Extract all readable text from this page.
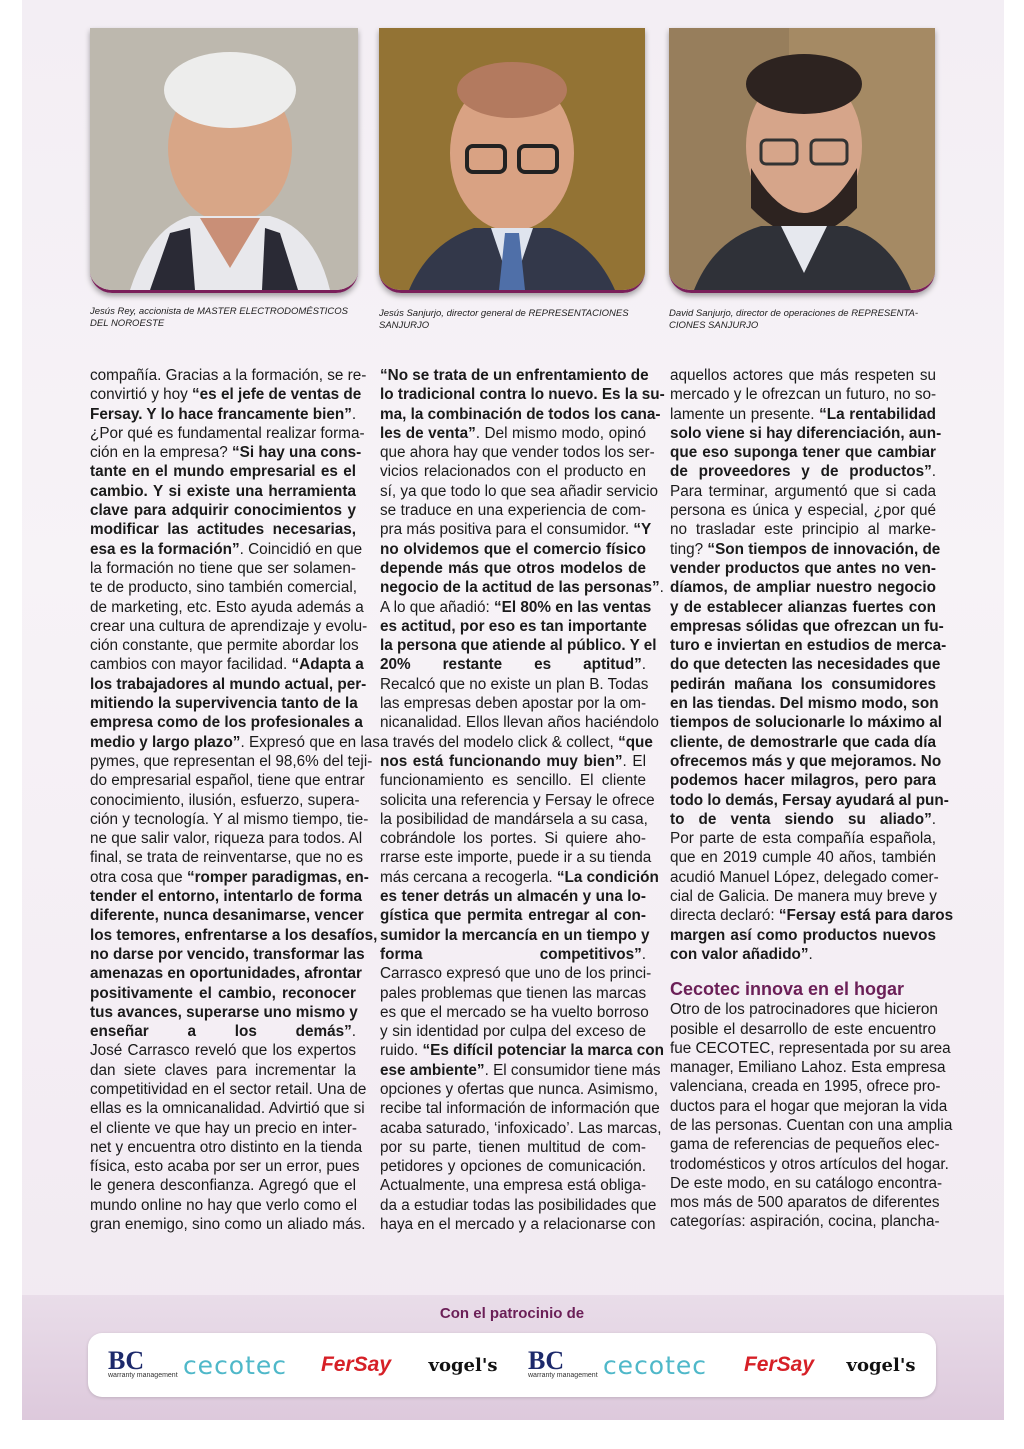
Jesús Rey, accionista de MASTER ELECTRODOMÉSTICOS
DEL NOROESTE
Jesús Sanjurjo, director general de REPRESENTACIONES
SANJURJO
David Sanjurjo, director de operaciones de REPRESENTA-
CIONES SANJURJO
compañía. Gracias a la formación, se re-
convirtió y hoy “es el jefe de ventas de
Fersay. Y lo hace francamente bien”.
¿Por qué es fundamental realizar forma-
ción en la empresa? “Si hay una cons-
tante en el mundo empresarial es el
cambio. Y si existe una herramienta
clave para adquirir conocimientos y
modificar las actitudes necesarias,
esa es la formación”. Coincidió en que
la formación no tiene que ser solamen-
te de producto, sino también comercial,
de marketing, etc. Esto ayuda además a
crear una cultura de aprendizaje y evolu-
ción constante, que permite abordar los
cambios con mayor facilidad. “Adapta a
los trabajadores al mundo actual, per-
mitiendo la supervivencia tanto de la
empresa como de los profesionales a
medio y largo plazo”. Expresó que en las
pymes, que representan el 98,6% del teji-
do empresarial español, tiene que entrar
conocimiento, ilusión, esfuerzo, supera-
ción y tecnología. Y al mismo tiempo, tie-
ne que salir valor, riqueza para todos. Al
final, se trata de reinventarse, que no es
otra cosa que “romper paradigmas, en-
tender el entorno, intentarlo de forma
diferente, nunca desanimarse, vencer
los temores, enfrentarse a los desafíos,
no darse por vencido, transformar las
amenazas en oportunidades, afrontar
positivamente el cambio, reconocer
tus avances, superarse uno mismo y
enseñar a los demás”.
José Carrasco reveló que los expertos
dan siete claves para incrementar la
competitividad en el sector retail. Una de
ellas es la omnicanalidad. Advirtió que si
el cliente ve que hay un precio en inter-
net y encuentra otro distinto en la tienda
física, esto acaba por ser un error, pues
le genera desconfianza. Agregó que el
mundo online no hay que verlo como el
gran enemigo, sino como un aliado más.
“No se trata de un enfrentamiento de
lo tradicional contra lo nuevo. Es la su-
ma, la combinación de todos los cana-
les de venta”. Del mismo modo, opinó
que ahora hay que vender todos los ser-
vicios relacionados con el producto en
sí, ya que todo lo que sea añadir servicio
se traduce en una experiencia de com-
pra más positiva para el consumidor. “Y
no olvidemos que el comercio físico
depende más que otros modelos de
negocio de la actitud de las personas”.
A lo que añadió: “El 80% en las ventas
es actitud, por eso es tan importante
la persona que atiende al público. Y el
20% restante es aptitud”.
Recalcó que no existe un plan B. Todas
las empresas deben apostar por la om-
nicanalidad. Ellos llevan años haciéndolo
a través del modelo click & collect, “que
nos está funcionando muy bien”. El
funcionamiento es sencillo. El cliente
solicita una referencia y Fersay le ofrece
la posibilidad de mandársela a su casa,
cobrándole los portes. Si quiere aho-
rrarse este importe, puede ir a su tienda
más cercana a recogerla. “La condición
es tener detrás un almacén y una lo-
gística que permita entregar al con-
sumidor la mercancía en un tiempo y
forma competitivos”.
Carrasco expresó que uno de los princi-
pales problemas que tienen las marcas
es que el mercado se ha vuelto borroso
y sin identidad por culpa del exceso de
ruido. “Es difícil potenciar la marca con
ese ambiente”. El consumidor tiene más
opciones y ofertas que nunca. Asimismo,
recibe tal información de información que
acaba saturado, ‘infoxicado’. Las marcas,
por su parte, tienen multitud de com-
petidores y opciones de comunicación.
Actualmente, una empresa está obliga-
da a estudiar todas las posibilidades que
haya en el mercado y a relacionarse con
aquellos actores que más respeten su
mercado y le ofrezcan un futuro, no so-
lamente un presente. “La rentabilidad
solo viene si hay diferenciación, aun-
que eso suponga tener que cambiar
de proveedores y de productos”.
Para terminar, argumentó que si cada
persona es única y especial, ¿por qué
no trasladar este principio al marke-
ting? “Son tiempos de innovación, de
vender productos que antes no ven-
díamos, de ampliar nuestro negocio
y de establecer alianzas fuertes con
empresas sólidas que ofrezcan un fu-
turo e inviertan en estudios de merca-
do que detecten las necesidades que
pedirán mañana los consumidores
en las tiendas. Del mismo modo, son
tiempos de solucionarle lo máximo al
cliente, de demostrarle que cada día
ofrecemos más y que mejoramos. No
podemos hacer milagros, pero para
todo lo demás, Fersay ayudará al pun-
to de venta siendo su aliado”.
Por parte de esta compañía española,
que en 2019 cumple 40 años, también
acudió Manuel López, delegado comer-
cial de Galicia. De manera muy breve y
directa declaró: “Fersay está para daros
margen así como productos nuevos
con valor añadido”.
Cecotec innova en el hogar
Otro de los patrocinadores que hicieron
posible el desarrollo de este encuentro
fue CECOTEC, representada por su area
manager, Emiliano Lahoz. Esta empresa
valenciana, creada en 1995, ofrece pro-
ductos para el hogar que mejoran la vida
de las personas. Cuentan con una amplia
gama de referencias de pequeños elec-
trodomésticos y otros artículos del hogar.
De este modo, en su catálogo encontra-
mos más de 500 aparatos de diferentes
categorías: aspiración, cocina, plancha-
Con el patrocinio de
BC
warranty management cecotec FerSay vogel's BC
warranty management cecotec FerSay vogel's
